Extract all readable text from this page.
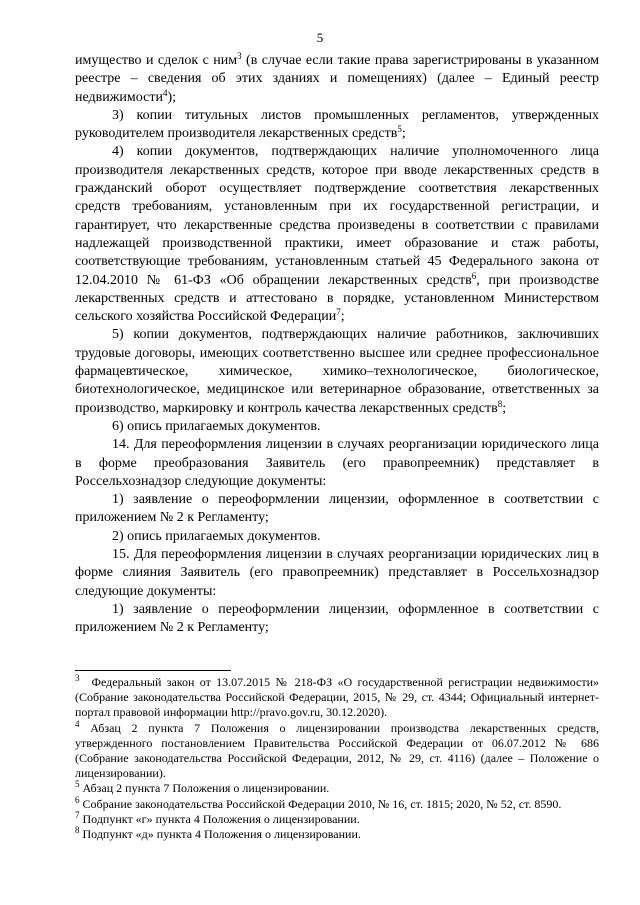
5

имущество и сделок с ним$^3$ (в случае если такие права зарегистрированы в указанном реестре – сведения об этих зданиях и помещениях) (далее – Единый реестр недвижимости$^4$);

3) копии титульных листов промышленных регламентов, утвержденных руководителем производителя лекарственных средств$^5$;

4) копии документов, подтверждающих наличие уполномоченного лица производителя лекарственных средств, которое при вводе лекарственных средств в гражданский оборот осуществляет подтверждение соответствия лекарственных средств требованиям, установленным при их государственной регистрации, и гарантирует, что лекарственные средства произведены в соответствии с правилами надлежащей производственной практики, имеет образование и стаж работы, соответствующие требованиям, установленным статьей 45 Федерального закона от 12.04.2010 № 61-ФЗ «Об обращении лекарственных средств$^6$, при производстве лекарственных средств и аттестовано в порядке, установленном Министерством сельского хозяйства Российской Федерации$^7$;

5) копии документов, подтверждающих наличие работников, заключивших трудовые договоры, имеющих соответственно высшее или среднее профессиональное фармацевтическое, химическое, химико–технологическое, биологическое, биотехнологическое, медицинское или ветеринарное образование, ответственных за производство, маркировку и контроль качества лекарственных средств$^8$;

6) опись прилагаемых документов.

14. Для переоформления лицензии в случаях реорганизации юридического лица в форме преобразования Заявитель (его правопреемник) представляет в Россельхознадзор следующие документы:

1) заявление о переоформлении лицензии, оформленное в соответствии с приложением № 2 к Регламенту;

2) опись прилагаемых документов.

15. Для переоформления лицензии в случаях реорганизации юридических лиц в форме слияния Заявитель (его правопреемник) представляет в Россельхознадзор следующие документы:

1) заявление о переоформлении лицензии, оформленное в соответствии с приложением № 2 к Регламенту;

$^3$ Федеральный закон от 13.07.2015 № 218-ФЗ «О государственной регистрации недвижимости» (Собрание законодательства Российской Федерации, 2015, № 29, ст. 4344; Официальный интернет-портал правовой информации http://pravo.gov.ru, 30.12.2020).

$^4$ Абзац 2 пункта 7 Положения о лицензировании производства лекарственных средств, утвержденного постановлением Правительства Российской Федерации от 06.07.2012 № 686 (Собрание законодательства Российской Федерации, 2012, № 29, ст. 4116) (далее – Положение о лицензировании).

$^5$ Абзац 2 пункта 7 Положения о лицензировании.

$^6$ Собрание законодательства Российской Федерации 2010, № 16, ст. 1815; 2020, № 52, ст. 8590.

$^7$ Подпункт «г» пункта 4 Положения о лицензировании.

$^8$ Подпункт «д» пункта 4 Положения о лицензировании.
